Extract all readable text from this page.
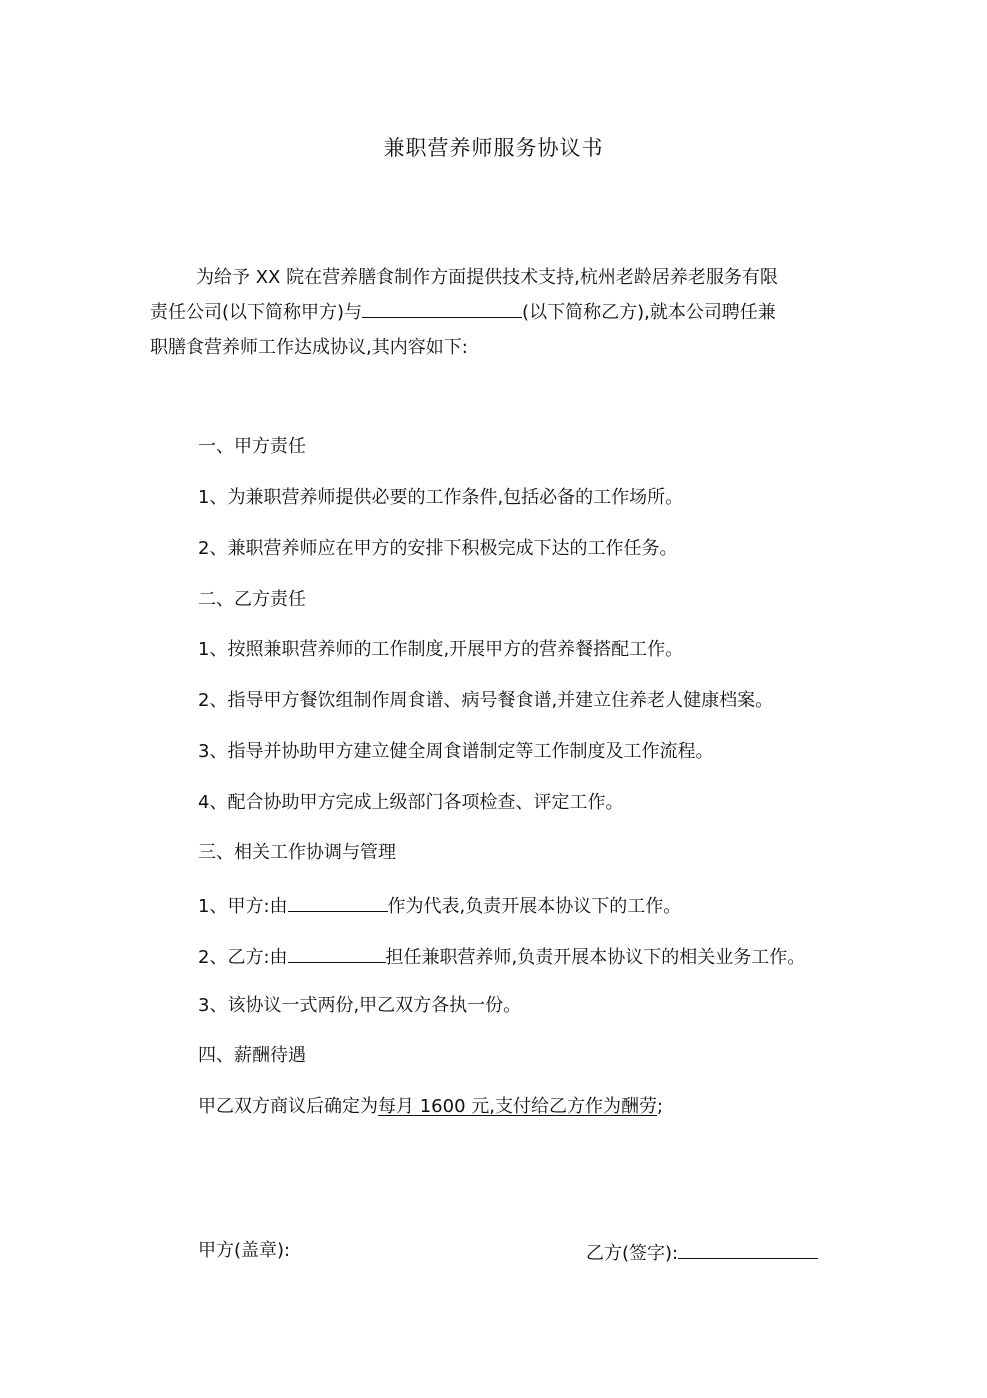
兼职营养师服务协议书
为给予 XX 院在营养膳食制作方面提供技术支持,杭州老龄居养老服务有限
责任公司(以下简称甲方)与	(以下简称乙方),就本公司聘任兼
职膳食营养师工作达成协议,其内容如下:
一、甲方责任
1、为兼职营养师提供必要的工作条件,包括必备的工作场所。
2、兼职营养师应在甲方的安排下积极完成下达的工作任务。
二、乙方责任
1、按照兼职营养师的工作制度,开展甲方的营养餐搭配工作。
2、指导甲方餐饮组制作周食谱、病号餐食谱,并建立住养老人健康档案。
3、指导并协助甲方建立健全周食谱制定等工作制度及工作流程。
4、配合协助甲方完成上级部门各项检查、评定工作。
三、相关工作协调与管理
1、甲方:由	作为代表,负责开展本协议下的工作。
2、乙方:由	担任兼职营养师,负责开展本协议下的相关业务工作。
3、该协议一式两份,甲乙双方各执一份。
四、薪酬待遇
甲乙双方商议后确定为每月 1600 元,支付给乙方作为酬劳;
甲方(盖章):	乙方(签字):
